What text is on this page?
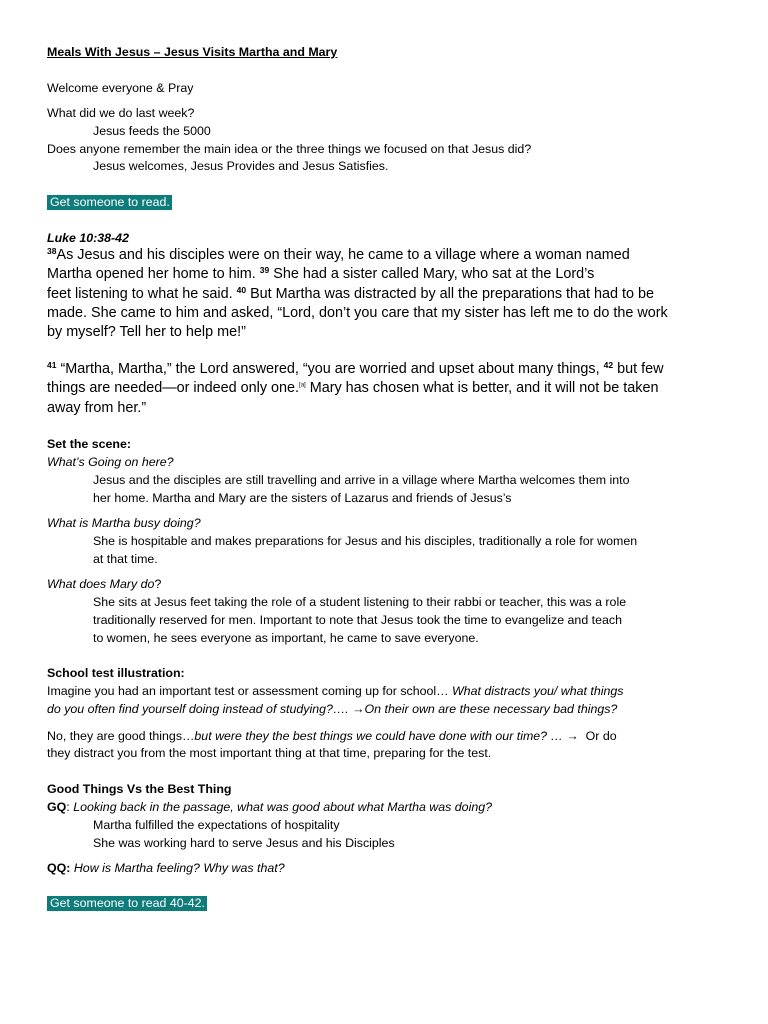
Meals With Jesus – Jesus Visits Martha and Mary
Welcome everyone & Pray
What did we do last week?
Jesus feeds the 5000
Does anyone remember the main idea or the three things we focused on that Jesus did?
Jesus welcomes, Jesus Provides and Jesus Satisfies.
Get someone to read.
Luke 10:38-42
$^{38}$As Jesus and his disciples were on their way, he came to a village where a woman named
Martha opened her home to him. $^{39}$ She had a sister called Mary, who sat at the Lord’s
feet listening to what he said. $^{40}$ But Martha was distracted by all the preparations that had to be
made. She came to him and asked, “Lord, don’t you care that my sister has left me to do the work
by myself? Tell her to help me!”
$^{41}$ “Martha, Martha,” the Lord answered, “you are worried and upset about many things, $^{42}$ but few
things are needed—or indeed only one.[a] Mary has chosen what is better, and it will not be taken
away from her.”
Set the scene:
What’s Going on here?
Jesus and the disciples are still travelling and arrive in a village where Martha welcomes them into
her home. Martha and Mary are the sisters of Lazarus and friends of Jesus’s
What is Martha busy doing?
She is hospitable and makes preparations for Jesus and his disciples, traditionally a role for women
at that time.
What does Mary do?
She sits at Jesus feet taking the role of a student listening to their rabbi or teacher, this was a role
traditionally reserved for men. Important to note that Jesus took the time to evangelize and teach
to women, he sees everyone as important, he came to save everyone.
School test illustration:
Imagine you had an important test or assessment coming up for school… What distracts you/ what things
do you often find yourself doing instead of studying?…. →On their own are these necessary bad things?
No, they are good things…but were they the best things we could have done with our time? … → Or do
they distract you from the most important thing at that time, preparing for the test.
Good Things Vs the Best Thing
GQ: Looking back in the passage, what was good about what Martha was doing?
Martha fulfilled the expectations of hospitality
She was working hard to serve Jesus and his Disciples
QQ: How is Martha feeling? Why was that?
Get someone to read 40-42.
